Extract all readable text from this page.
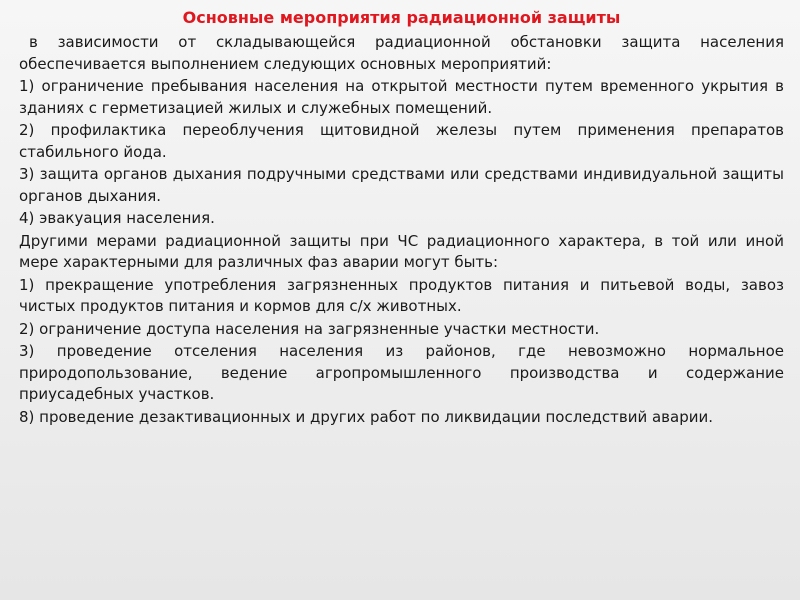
Основные мероприятия радиационной защиты
в зависимости от складывающейся радиационной обстановки защита населения обеспечивается выполнением следующих основных мероприятий:
1) ограничение пребывания населения на открытой местности путем временного укрытия в зданиях с герметизацией жилых и служебных помещений.
2) профилактика переоблучения щитовидной железы путем применения препаратов стабильного йода.
3) защита органов дыхания подручными средствами или средствами индивидуальной защиты органов дыхания.
4) эвакуация населения.
Другими мерами радиационной защиты при ЧС радиационного характера, в той или иной мере характерными для различных фаз аварии могут быть:
1) прекращение употребления загрязненных продуктов питания и питьевой воды, завоз чистых продуктов питания и кормов для с/х животных.
2) ограничение доступа населения на загрязненные участки местности.
3) проведение отселения населения из районов, где невозможно нормальное природопользование, ведение агропромышленного производства и содержание приусадебных участков.
8) проведение дезактивационных и других работ по ликвидации последствий аварии.
